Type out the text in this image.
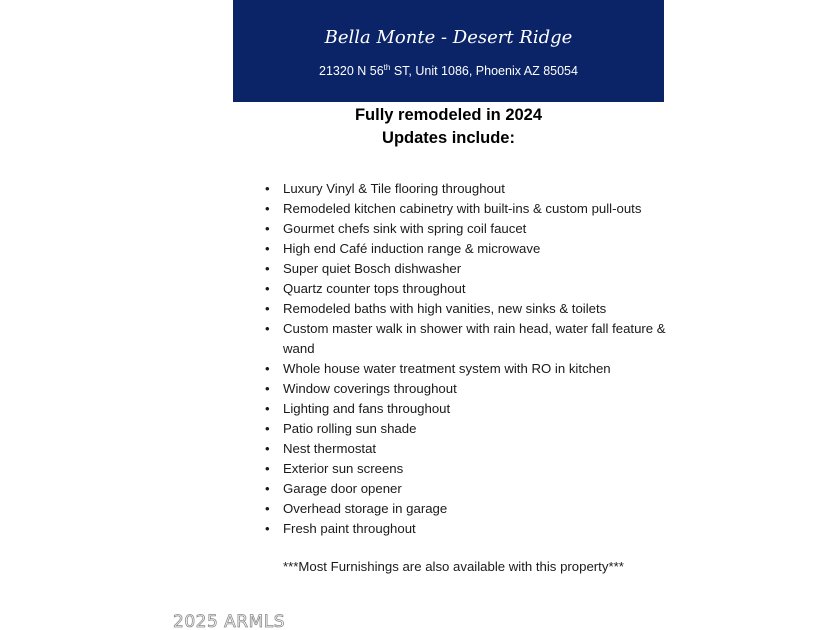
Bella Monte - Desert Ridge
21320 N 56th ST, Unit 1086, Phoenix AZ 85054
Fully remodeled in 2024
Updates include:
•	Luxury Vinyl & Tile flooring throughout
•	Remodeled kitchen cabinetry with built-ins & custom pull-outs
•	Gourmet chefs sink with spring coil faucet
•	High end Café induction range & microwave
•	Super quiet Bosch dishwasher
•	Quartz counter tops throughout
•	Remodeled baths with high vanities, new sinks & toilets
•	Custom master walk in shower with rain head, water fall feature & wand
•	Whole house water treatment system with RO in kitchen
•	Window coverings throughout
•	Lighting and fans throughout
•	Patio rolling sun shade
•	Nest thermostat
•	Exterior sun screens
•	Garage door opener
•	Overhead storage in garage
•	Fresh paint throughout
***Most Furnishings are also available with this property***
2025 ARMLS
